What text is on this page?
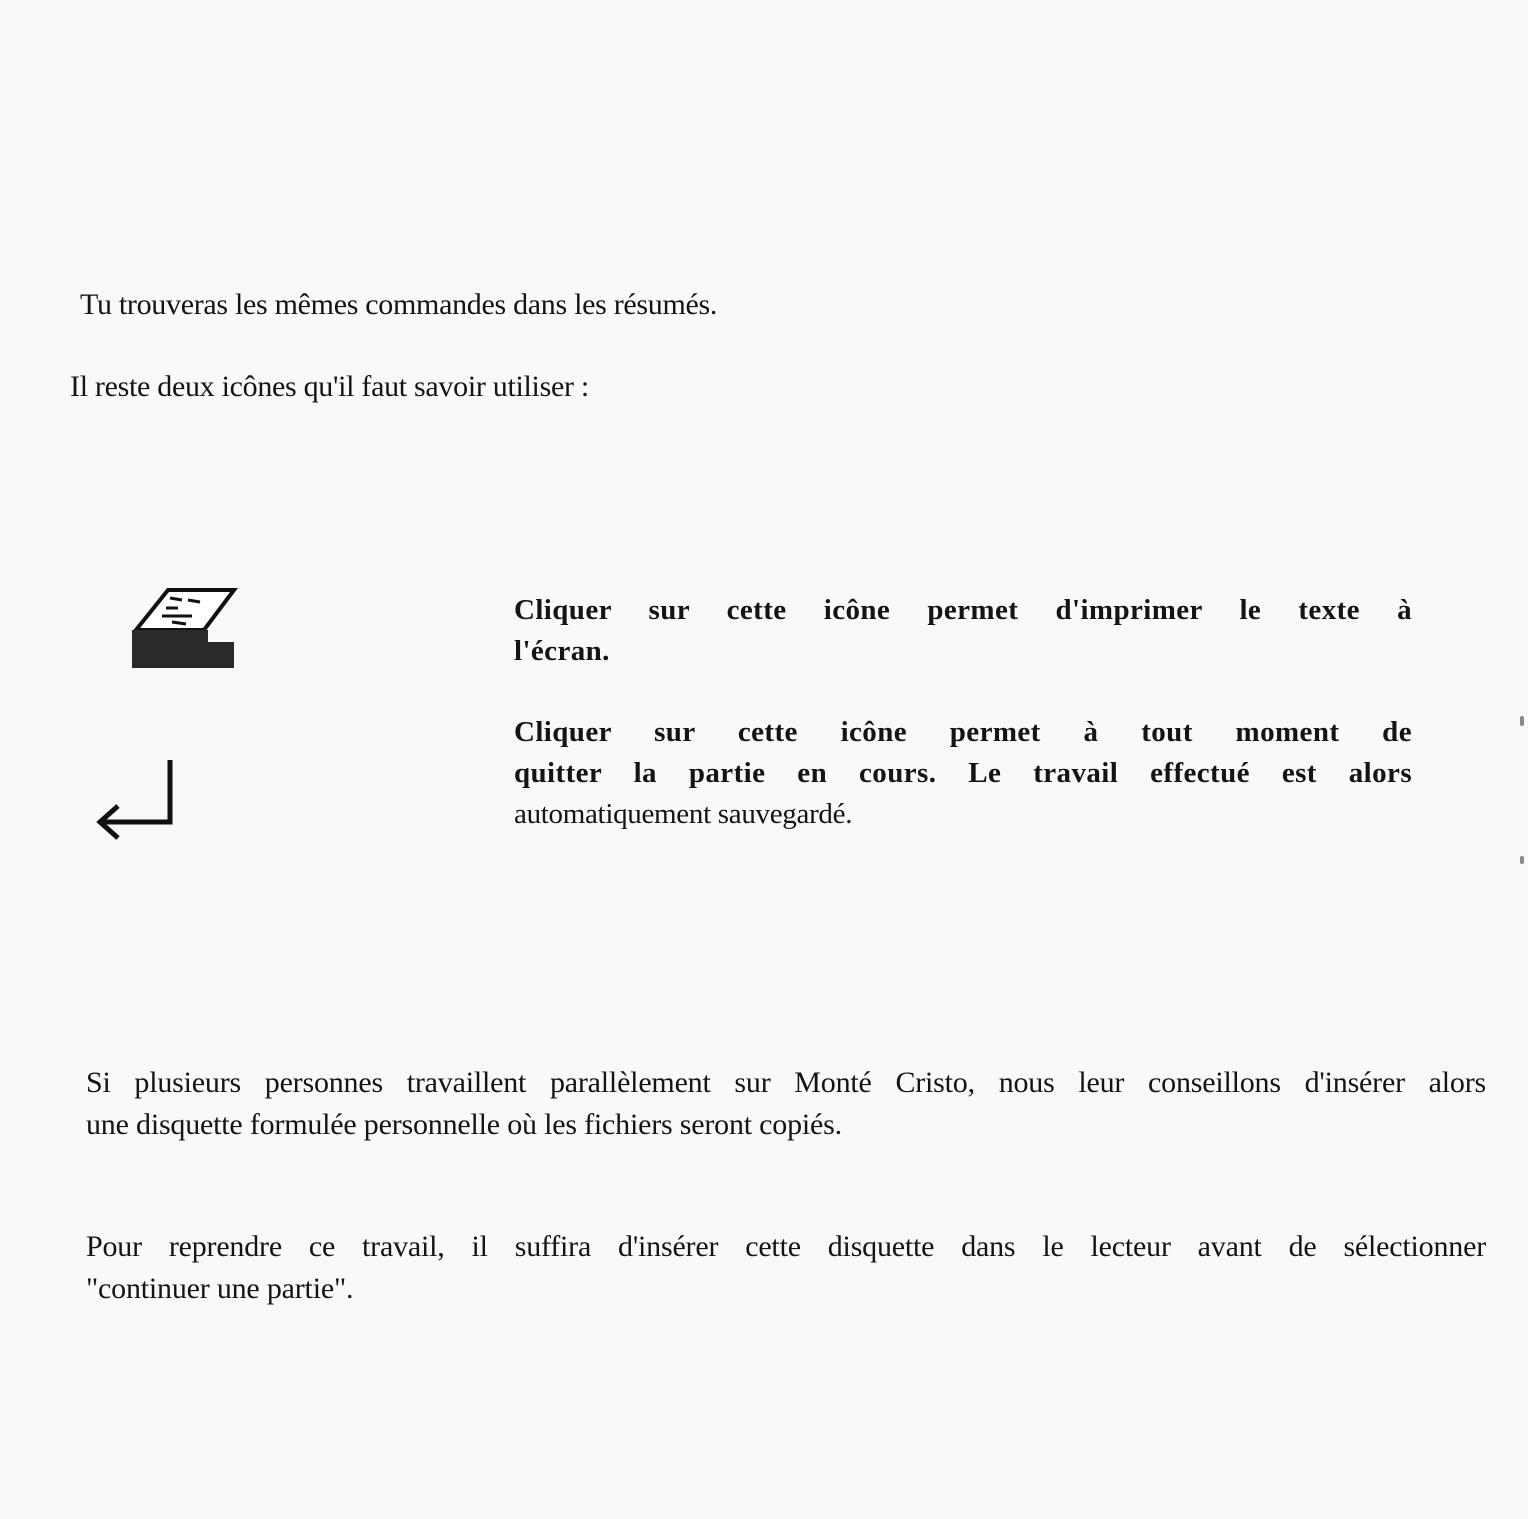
Tu trouveras les mêmes commandes dans les résumés.
Il reste deux icônes qu'il faut savoir utiliser :
Cliquer sur cette icône permet d'imprimer le texte à
l'écran.
Cliquer sur cette icône permet à tout moment de
quitter la partie en cours. Le travail effectué est alors
automatiquement sauvegardé.
Si plusieurs personnes travaillent parallèlement sur Monté Cristo, nous leur conseillons d'insérer alors
une disquette formulée personnelle où les fichiers seront copiés.
Pour reprendre ce travail, il suffira d'insérer cette disquette dans le lecteur avant de sélectionner
"continuer une partie".
